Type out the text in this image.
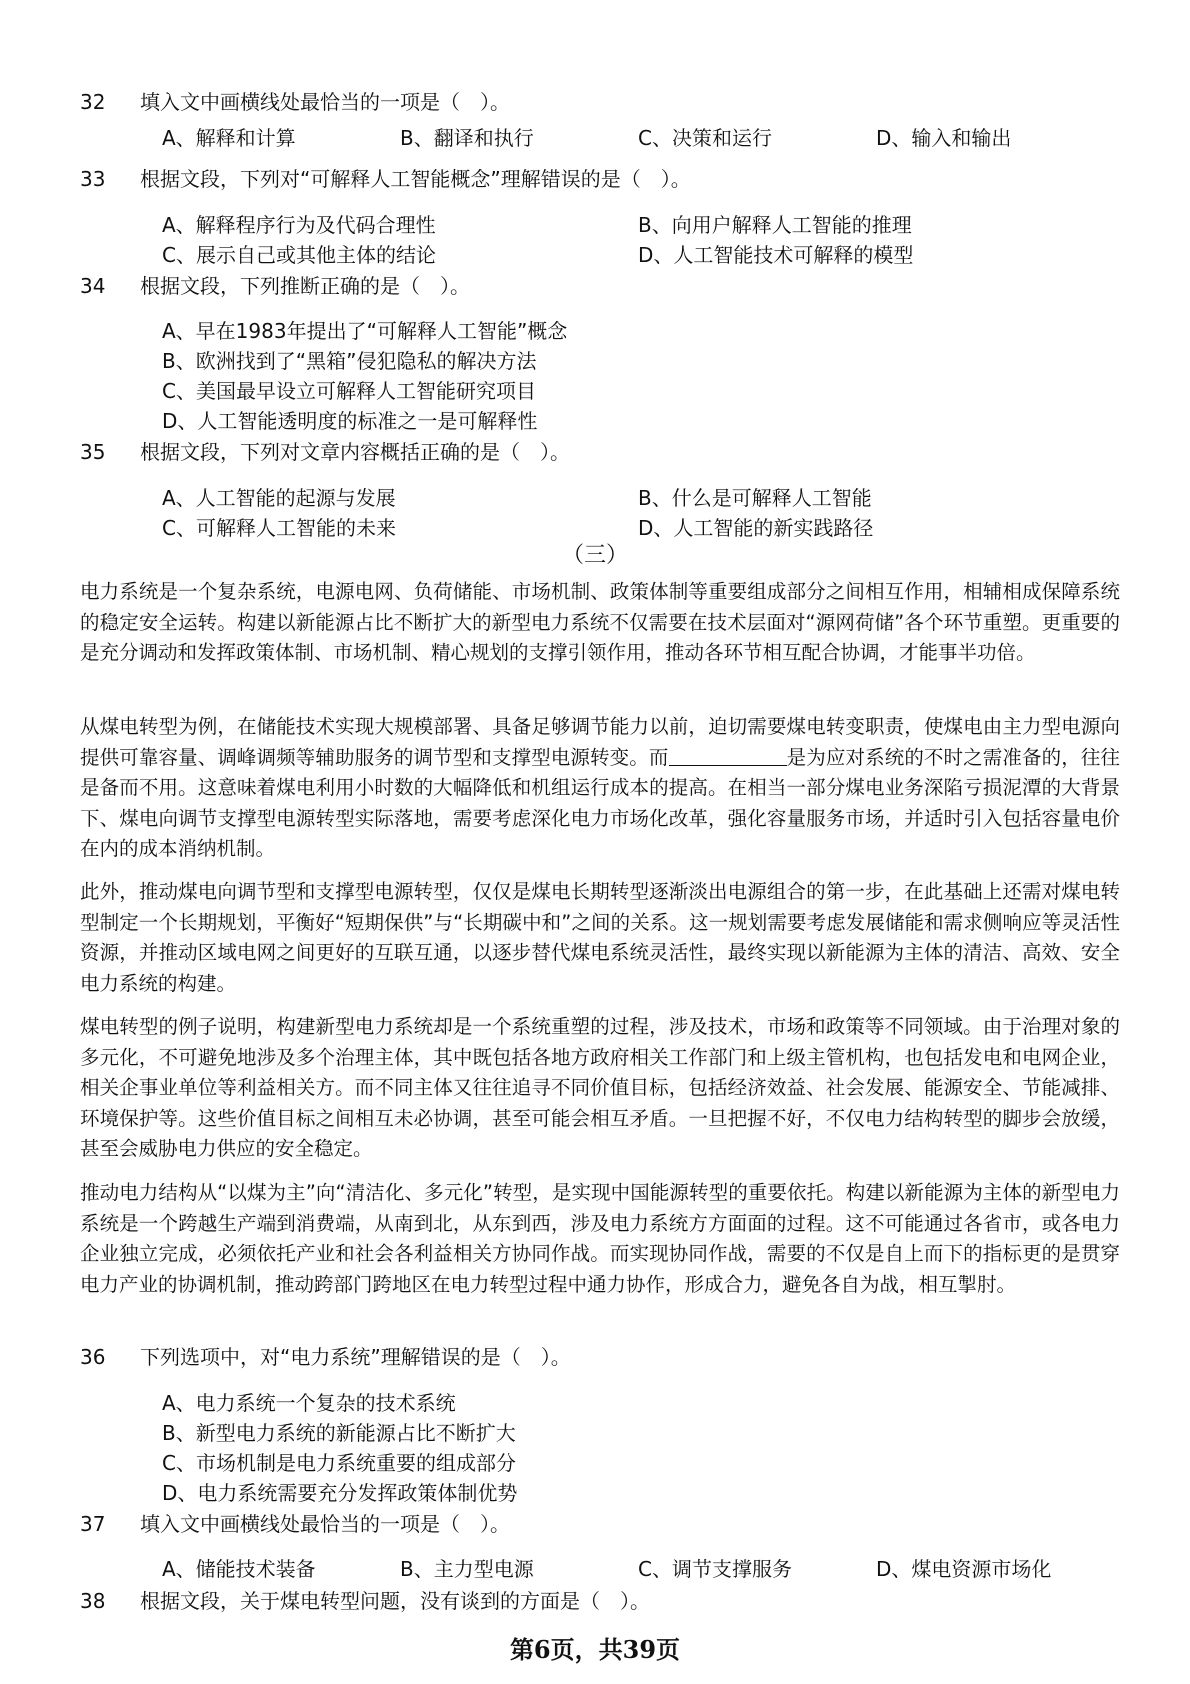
32 填入文中画横线处最恰当的一项是（　）。
A、解释和计算	B、翻译和执行	C、决策和运行	D、输入和输出
33 根据文段，下列对“可解释人工智能概念”理解错误的是（　）。
A、解释程序行为及代码合理性	B、向用户解释人工智能的推理
C、展示自己或其他主体的结论	D、人工智能技术可解释的模型
34 根据文段，下列推断正确的是（　）。
A、早在1983年提出了“可解释人工智能”概念
B、欧洲找到了“黑箱”侵犯隐私的解决方法
C、美国最早设立可解释人工智能研究项目
D、人工智能透明度的标准之一是可解释性
35 根据文段，下列对文章内容概括正确的是（　）。
A、人工智能的起源与发展	B、什么是可解释人工智能
C、可解释人工智能的未来	D、人工智能的新实践路径
（三）
电力系统是一个复杂系统，电源电网、负荷储能、市场机制、政策体制等重要组成部分之间相互作用，相辅相成保障系统的稳定安全运转。构建以新能源占比不断扩大的新型电力系统不仅需要在技术层面对“源网荷储”各个环节重塑。更重要的是充分调动和发挥政策体制、市场机制、精心规划的支撑引领作用，推动各环节相互配合协调，才能事半功倍。
从煤电转型为例，在储能技术实现大规模部署、具备足够调节能力以前，迫切需要煤电转变职责，使煤电由主力型电源向提供可靠容量、调峰调频等辅助服务的调节型和支撑型电源转变。而	是为应对系统的不时之需准备的，往往是备而不用。这意味着煤电利用小时数的大幅降低和机组运行成本的提高。在相当一部分煤电业务深陷亏损泥潭的大背景下、煤电向调节支撑型电源转型实际落地，需要考虑深化电力市场化改革，强化容量服务市场，并适时引入包括容量电价在内的成本消纳机制。
此外，推动煤电向调节型和支撑型电源转型，仅仅是煤电长期转型逐渐淡出电源组合的第一步，在此基础上还需对煤电转型制定一个长期规划，平衡好“短期保供”与“长期碳中和”之间的关系。这一规划需要考虑发展储能和需求侧响应等灵活性资源，并推动区域电网之间更好的互联互通，以逐步替代煤电系统灵活性，最终实现以新能源为主体的清洁、高效、安全电力系统的构建。
煤电转型的例子说明，构建新型电力系统却是一个系统重塑的过程，涉及技术，市场和政策等不同领域。由于治理对象的多元化，不可避免地涉及多个治理主体，其中既包括各地方政府相关工作部门和上级主管机构，也包括发电和电网企业，相关企事业单位等利益相关方。而不同主体又往往追寻不同价值目标，包括经济效益、社会发展、能源安全、节能减排、环境保护等。这些价值目标之间相互未必协调，甚至可能会相互矛盾。一旦把握不好，不仅电力结构转型的脚步会放缓，甚至会威胁电力供应的安全稳定。
推动电力结构从“以煤为主”向“清洁化、多元化”转型，是实现中国能源转型的重要依托。构建以新能源为主体的新型电力系统是一个跨越生产端到消费端，从南到北，从东到西，涉及电力系统方方面面的过程。这不可能通过各省市，或各电力企业独立完成，必须依托产业和社会各利益相关方协同作战。而实现协同作战，需要的不仅是自上而下的指标更的是贯穿电力产业的协调机制，推动跨部门跨地区在电力转型过程中通力协作，形成合力，避免各自为战，相互掣肘。
36 下列选项中，对“电力系统”理解错误的是（　）。
A、电力系统一个复杂的技术系统
B、新型电力系统的新能源占比不断扩大
C、市场机制是电力系统重要的组成部分
D、电力系统需要充分发挥政策体制优势
37 填入文中画横线处最恰当的一项是（　）。
A、储能技术装备	B、主力型电源	C、调节支撑服务	D、煤电资源市场化
38 根据文段，关于煤电转型问题，没有谈到的方面是（　）。
第6页，共39页
